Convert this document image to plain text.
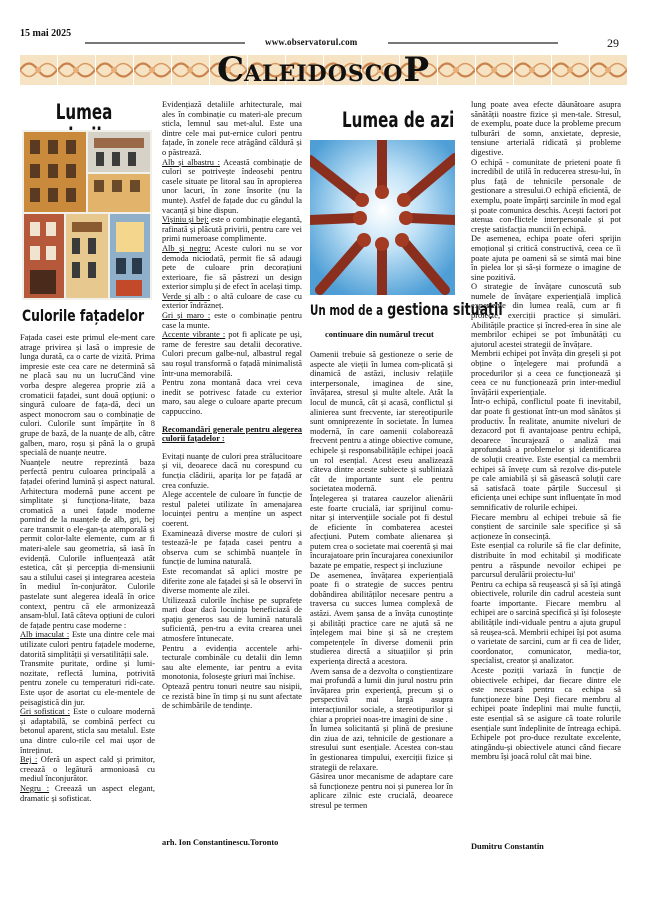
15 mai 2025
www.observatorul.com	29
CALEIDOSCOP
Lumea
Culorile fațadelor

Fațada casei este primul ele-ment care atrage privirea și lasă o impresie de lunga durată, ca o carte de vizită. Prima impresie este cea care ne determină să ne placă sau nu un lucruCând vine vorba despre alegerea proprie ziă a cromaticii fațadei, sunt două opțiuni: o singură culoare de fața-dă, deci un aspect monocrom sau o combinație de culori. Culorile sunt împărțite în 8 grupe de bază, de la nuanțe de alb, câtre galben, maro, roșu și până la o grupă specială de nuanțe neutre.

Nuanțele neutre reprezintă baza perfectă pentru culoarea principală a fațadei oferind lumină și aspect natural. Arhitectura modernă pune accent pe simplitate și funcționa-litate, baza cromatică a unei fațade moderne pornind de la nuanțele de alb, gri, bej care transmit o ele-gan-ța atemporală și permit color-lalte elemente, cum ar fi materi-alele sau geometria, să iasă în evidență. Culorile influențează atât estetica, cât și percepția di-mensiunii sau a stilului casei și integrarea acesteia în mediul în-conjurător. Culorile pastelate sunt alegerea ideală în orice context, pentru că ele armonizează ansam-blul. Iată câteva opțiuni de culori de fațade pentru case moderne :

Alb imaculat : Este una dintre cele mai utilizate culori pentru fațadele moderne, datorită simplității și versatilității sale.

Transmite puritate, ordine și lumi-nozitate, reflectă lumina, potrivită pentru zonele cu temperaturi ridi-cate. Este ușor de asortat cu ele-mentele de peisagistică din jur.

Gri sofisticat : Este o culoare modernă și adaptabilă, se combină perfect cu betonul aparent, sticla sau metalul. Este una dintre culo-rile cel mai ușor de întreținut.

Bej : Oferă un aspect cald și primitor, creează o legătură armonioasă cu mediul înconjurător.

Negru : Creează un aspect elegant, dramatic și sofisticat.

Evidențiază detaliile arhitecturale, mai ales în combinație cu materi-ale precum sticla, lemnul sau met-alul. Este una dintre cele mai put-ernice culori pentru fațade, în zonele rece atrăgând căldură și o păstrează.

Alb și albastru : Această combinație de culori se potrivește îndeosebi pentru casele situate pe litoral sau în apropierea unor lacuri, în zone însorite (nu la munte). Astfel de fațade duc cu gândul la vacanță și bine dispun.

Vișiniu și bej: este o combinație elegantă, rafinată și plăcută privirii, pentru care vei primi numeroase complimente.

Alb și negru: Aceste culori nu se vor demoda niciodată, permit fie să adaugi pete de culoare prin decorațiuni exterioare, fie să păstrezi un design exterior simplu și de efect în același timp.

Verde și alb : o altă culoare de case cu exterior îndrăzneț.

Gri și maro : este o combinație pentru case la munte.

Accente vibrante : pot fi aplicate pe uși, rame de ferestre sau detalii decorative. Culori precum galbe-nul, albastrul regal sau roșul transformă o fațadă minimalistă într-una memorabilă.

Pentru zona montană daca vrei ceva inedit se potrivesc fatade cu exterior maro, sau alege o culoare aparte precum cappuccino.

Recomandări generale pentru alegerea culorii fațadelor :

Evitați nuanțe de culori prea strălucitoare și vii, deoarece dacă nu corespund cu funcția clădirii, aparița lor pe fațadă ar crea confuzie.

Alege accentele de culoare în funcție de restul paletei utilizate în amenajarea locuinței pentru a mențíne un aspect coerent.

Examinează diverse mostre de culori și testează-le pe fațada casei pentru a observa cum se schimbă nuanțele în funcție de lumina naturală.

Este recomandat să aplici mostre pe diferite zone ale fațadei și să le observi în diverse momente ale zilei.

Utilizează culorile închise pe suprafețe mari doar dacă locuința beneficiază de spațiu generos sau de lumină naturală suficientă, pen-tru a evita crearea unei atmosfere întunecate.

Pentru a evidenția accentele arhi-tecturale combinăle cu detalii din lemn sau alte elemente, iar pentru a evita monotonia, folosește griuri mai închise.

Optează pentru tonuri neutre sau nisipii, ce rezistă bine în timp și nu sunt afectate de schimbările de tendințe.

arh. Ion Constantinescu.Toronto
Lumea de azi
Un mod de a gestiona situații
continuare din numărul trecut

Oamenii trebuie să gestioneze o serie de aspecte ale vieții în lumea com-plicată și dinamică de astăzi, inclusiv relațiile interpersonale, imaginea de sine, învățarea, stresul și multe altele. Atât la locul de muncă, cât și acasă, conflictul și alinierea sunt frecvente, iar stereotipurile sunt omniprezente în societate. În lumea modernă, în care oamenii colaborează frecvent pentru a atinge obiective comune, echipele și responsabilitățile echipei joacă un rol esențial. Acest eseu analizează câteva dintre aceste subiecte și subliniază cât de importante sunt ele pentru societatea modernă.

Înțelegerea și tratarea cauzelor alienării este foarte crucială, iar sprijinul comu-nitar și intervențiile sociale pot fi destul de eficiente în combaterea acestei afecțiuni. Putem combate alienarea și putem crea o societate mai coerentă și mai încurajatoare prin încurajarea conexiunilor bazate pe empatie, respect și incluziune

De asemenea, învățarea experiențială poate fi o strategie de succes pentru dobândirea abilităților necesare pentru a traversa cu succes lumea complexă de astăzi. Avem șansa de a învăța cunoștințe și abilități practice care ne ajută să ne înțelegem mai bine și să ne creștem competențele în diverse domenii prin studierea directă a situațiilor și prin experiența directă a acestora.

Avem sansa de a dezvolta o conștientizare mai profundă a lumii din jurul nostru prin învățarea prin experiență, precum și o perspectivă mai largă asupra interacțiunilor sociale, a stereotipurilor și chiar a propriei noas-tre imagini de sine .

În lumea solicitantă și plină de presiune din ziua de azi, tehnicile de gestionare a stresului sunt esențiale. Acestea con-stau în gestionarea timpului, exerciții fizice și strategii de relaxare.

Găsirea unor mecanisme de adaptare care să funcționeze pentru noi și punerea lor în aplicare zilnic este crucială, deoarece stresul pe termen

lung poate avea efecte dăunătoare asupra sănătății noastre fizice și men-tale. Stresul, de exemplu, poate duce la probleme precum tulburări de somn, anxietate, depresie, tensiune arterială ridicată și probleme digestive.

O echipă - comunitate de prieteni poate fi incredibil de utilă în reducerea stresu-lui, în plus față de tehnicile personale de gestionare a stresului.O echipă eficientă, de exemplu, poate împărți sarcinile în mod egal și poate comunica deschis. Acești factori pot atenua con-flictele interpersonale și pot crește satisfacția muncii în echipă.

De asemenea, echipa poate oferi sprijin emoțional și critică constructivă, ceea ce îi poate ajuta pe oameni să se simtă mai bine în pielea lor și să-și formeze o imagine de sine pozitivă.

O strategie de învățare cunoscută sub numele de învățare experiențială implică experiențe din lumea reală, cum ar fi proiecte, exerciții practice și simulări. Abilitățile practice și încred-erea în sine ale membrilor echipei se pot îmbunătăți cu ajutorul acestei strategii de învățare.

Membrii echipei pot învăța din greșeli și pot obține o înțelegere mai profundă a procedurilor și a ceea ce funcționează și ceea ce nu funcționează prin inter-mediul învățării experiențiale.

Într-o echipă, conflictul poate fi inevitabil, dar poate fi gestionat într-un mod sănătos și productiv. În realitate, anumite niveluri de dezacord pot fi avantajoase pentru echipă, deoarece încurajează o analiză mai aprofundată a problemelor și identificarea de soluții creative. Este esențial ca membrii echipei să învețe cum să rezolve dis-putele pe cale amiabilă și să găsească soluții care să satisfacă toate părțile Succesul și eficiența unei echipe sunt influențate în mod semnificativ de rolurile echipei.

Fiecare membru al echipei trebuie să fie conștient de sarcinile sale specifice și să acționeze în consecință.

Este esențial ca rolurile să fie clar definite, distribuite în mod echitabil și modificate pentru a răspunde nevoilor echipei pe parcursul derulării proiectu-lui'

Pentru ca echipa să reușească și să își atingă obiectivele, rolurile din cadrul acesteia sunt foarte importante. Fiecare membru al echipei are o sarcină specifică și își folosește abilitățile indi-viduale pentru a ajuta grupul să reușea-scă. Membrii echipei își pot asuma o varietate de sarcini, cum ar fi cea de lider, coordonator, comunicator, media-tor, specialist, creator și analizator.

Aceste poziții variază în funcție de obiectivele echipei, dar fiecare dintre ele este necesară pentru ca echipa să funcționeze bine Deși fiecare membru al echipei poate îndeplini mai multe funcții, este esențial să se asigure că toate rolurile esențiale sunt îndeplinite de întreaga echipă. Echipele pot pro-duce rezultate excelente, atingându-și obiectivele atunci când fiecare membru își joacă rolul cât mai bine.

Dumitru Constantin
